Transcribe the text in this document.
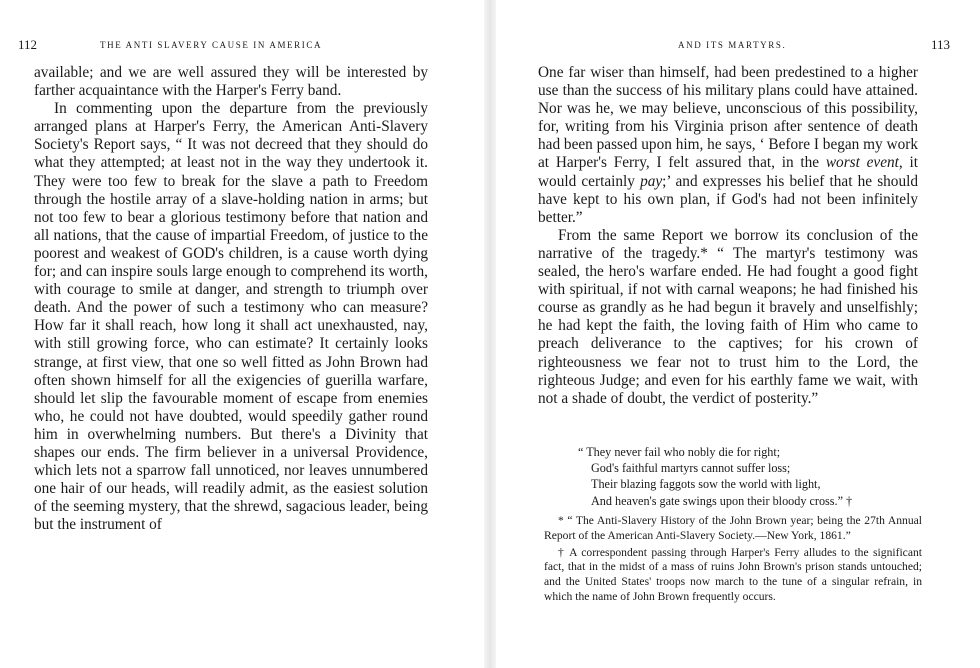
112	THE ANTI SLAVERY CAUSE IN AMERICA

available; and we are well assured they will be interested by farther acquaintance with the Harper's Ferry band.

In commenting upon the departure from the previously arranged plans at Harper's Ferry, the American Anti-Slavery Society's Report says, “ It was not decreed that they should do what they attempted; at least not in the way they undertook it. They were too few to break for the slave a path to Freedom through the hostile array of a slave-holding nation in arms; but not too few to bear a glorious testimony before that nation and all nations, that the cause of impartial Freedom, of justice to the poorest and weakest of GOD's children, is a cause worth dying for; and can inspire souls large enough to comprehend its worth, with courage to smile at danger, and strength to triumph over death. And the power of such a testimony who can measure? How far it shall reach, how long it shall act unexhausted, nay, with still growing force, who can estimate? It certainly looks strange, at first view, that one so well fitted as John Brown had often shown himself for all the exigencies of guerilla warfare, should let slip the favourable moment of escape from enemies who, he could not have doubted, would speedily gather round him in overwhelming numbers. But there's a Divinity that shapes our ends. The firm believer in a universal Providence, which lets not a sparrow fall unnoticed, nor leaves unnumbered one hair of our heads, will readily admit, as the easiest solution of the seeming mystery, that the shrewd, sagacious leader, being but the instrument of

AND ITS MARTYRS.	113

One far wiser than himself, had been predestined to a higher use than the success of his military plans could have attained. Nor was he, we may believe, unconscious of this possibility, for, writing from his Virginia prison after sentence of death had been passed upon him, he says, ‘ Before I began my work at Harper's Ferry, I felt assured that, in the worst event, it would certainly pay;’ and expresses his belief that he should have kept to his own plan, if God's had not been infinitely better.”

From the same Report we borrow its conclusion of the narrative of the tragedy.* “ The martyr's testimony was sealed, the hero's warfare ended. He had fought a good fight with spiritual, if not with carnal weapons; he had finished his course as grandly as he had begun it bravely and unselfishly; he had kept the faith, the loving faith of Him who came to preach deliverance to the captives; for his crown of righteousness we fear not to trust him to the Lord, the righteous Judge; and even for his earthly fame we wait, with not a shade of doubt, the verdict of posterity.”

“ They never fail who nobly die for right;
God's faithful martyrs cannot suffer loss;
Their blazing faggots sow the world with light,
And heaven's gate swings upon their bloody cross.” †

* “ The Anti-Slavery History of the John Brown year; being the 27th Annual Report of the American Anti-Slavery Society.—New York, 1861.”

† A correspondent passing through Harper's Ferry alludes to the significant fact, that in the midst of a mass of ruins John Brown's prison stands untouched; and the United States' troops now march to the tune of a singular refrain, in which the name of John Brown frequently occurs.
